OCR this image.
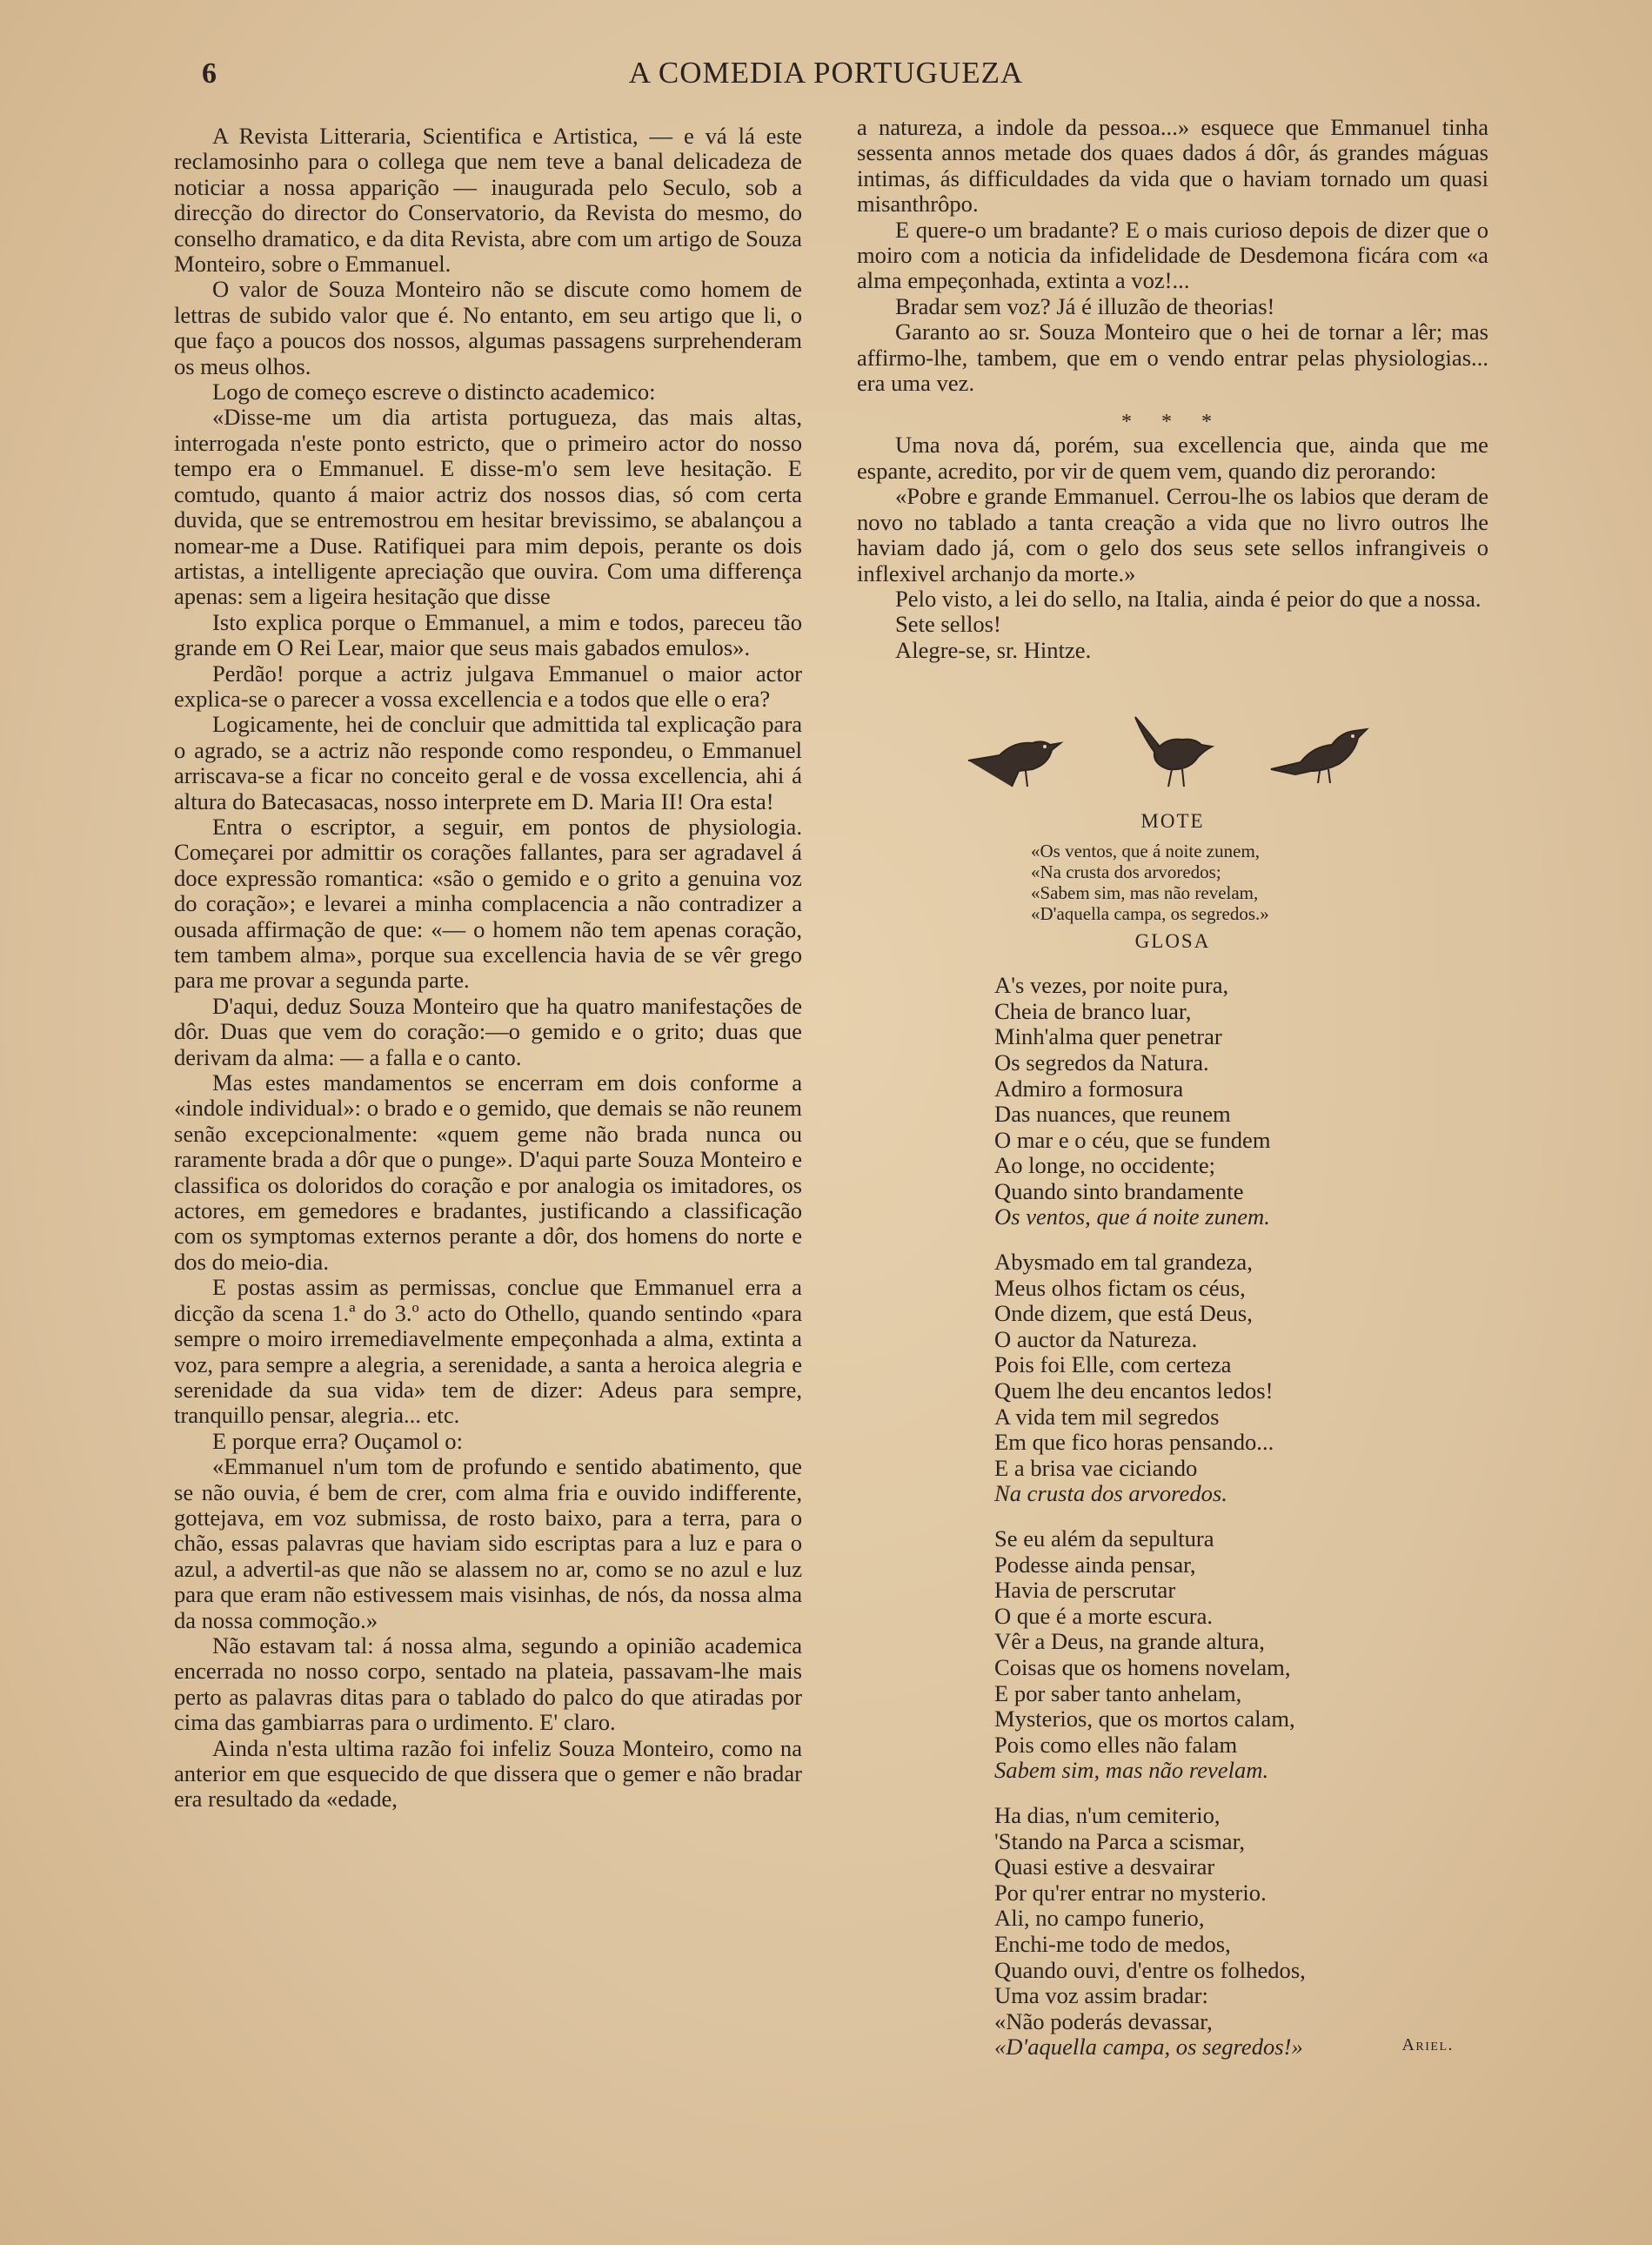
6	A COMEDIA PORTUGUEZA

A Revista Litteraria, Scientifica e Artistica, — e vá lá este reclamosinho para o collega que nem teve a banal delicadeza de noticiar a nossa apparição — inaugurada pelo Seculo, sob a direcção do director do Conservatorio, da Revista do mesmo, do conselho dramatico, e da dita Revista, abre com um artigo de Souza Monteiro, sobre o Emmanuel.

O valor de Souza Monteiro não se discute como homem de lettras de subido valor que é. No entanto, em seu artigo que li, o que faço a poucos dos nossos, algumas passagens surprehenderam os meus olhos.

Logo de começo escreve o distincto academico:

«Disse-me um dia artista portugueza, das mais altas, interrogada n'este ponto estricto, que o primeiro actor do nosso tempo era o Emmanuel. E disse-m'o sem leve hesitação. E comtudo, quanto á maior actriz dos nossos dias, só com certa duvida, que se entremostrou em hesitar brevissimo, se abalançou a nomear-me a Duse. Ratifiquei para mim depois, perante os dois artistas, a intelligente apreciação que ouvira. Com uma differença apenas: sem a ligeira hesitação que disse

Isto explica porque o Emmanuel, a mim e todos, pareceu tão grande em O Rei Lear, maior que seus mais gabados emulos».

Perdão! porque a actriz julgava Emmanuel o maior actor explica-se o parecer a vossa excellencia e a todos que elle o era?

Logicamente, hei de concluir que admittida tal explicação para o agrado, se a actriz não responde como respondeu, o Emmanuel arriscava-se a ficar no conceito geral e de vossa excellencia, ahi á altura do Batecasacas, nosso interprete em D. Maria II! Ora esta!

Entra o escriptor, a seguir, em pontos de physiologia. Começarei por admittir os corações fallantes, para ser agradavel á doce expressão romantica: «são o gemido e o grito a genuina voz do coração»; e levarei a minha complacencia a não contradizer a ousada affirmação de que: «— o homem não tem apenas coração, tem tambem alma», porque sua excellencia havia de se vêr grego para me provar a segunda parte.

D'aqui, deduz Souza Monteiro que ha quatro manifestações de dôr. Duas que vem do coração:—o gemido e o grito; duas que derivam da alma: — a falla e o canto.

Mas estes mandamentos se encerram em dois conforme a «indole individual»: o brado e o gemido, que demais se não reunem senão excepcionalmente: «quem geme não brada nunca ou raramente brada a dôr que o punge». D'aqui parte Souza Monteiro e classifica os doloridos do coração e por analogia os imitadores, os actores, em gemedores e bradantes, justificando a classificação com os symptomas externos perante a dôr, dos homens do norte e dos do meio-dia.

E postas assim as permissas, conclue que Emmanuel erra a dicção da scena 1.ª do 3.º acto do Othello, quando sentindo «para sempre o moiro irremediavelmente empeçonhada a alma, extinta a voz, para sempre a alegria, a serenidade, a santa a heroica alegria e serenidade da sua vida» tem de dizer: Adeus para sempre, tranquillo pensar, alegria... etc.

E porque erra? Ouçamol o:

«Emmanuel n'um tom de profundo e sentido abatimento, que se não ouvia, é bem de crer, com alma fria e ouvido indifferente, gottejava, em voz submissa, de rosto baixo, para a terra, para o chão, essas palavras que haviam sido escriptas para a luz e para o azul, a advertil-as que não se alassem no ar, como se no azul e luz para que eram não estivessem mais visinhas, de nós, da nossa alma da nossa commoção.»

Não estavam tal: á nossa alma, segundo a opinião academica encerrada no nosso corpo, sentado na plateia, passavam-lhe mais perto as palavras ditas para o tablado do palco do que atiradas por cima das gambiarras para o urdimento. E' claro.

Ainda n'esta ultima razão foi infeliz Souza Monteiro, como na anterior em que esquecido de que dissera que o gemer e não bradar era resultado da «edade,

a natureza, a indole da pessoa...» esquece que Emmanuel tinha sessenta annos metade dos quaes dados á dôr, ás grandes máguas intimas, ás difficuldades da vida que o haviam tornado um quasi misanthrôpo.

E quere-o um bradante? E o mais curioso depois de dizer que o moiro com a noticia da infidelidade de Desdemona ficára com «a alma empeçonhada, extinta a voz!...

Bradar sem voz? Já é illuzão de theorias!

Garanto ao sr. Souza Monteiro que o hei de tornar a lêr; mas affirmo-lhe, tambem, que em o vendo entrar pelas physiologias... era uma vez.

* * *

Uma nova dá, porém, sua excellencia que, ainda que me espante, acredito, por vir de quem vem, quando diz perorando:

«Pobre e grande Emmanuel. Cerrou-lhe os labios que deram de novo no tablado a tanta creação a vida que no livro outros lhe haviam dado já, com o gelo dos seus sete sellos infrangiveis o inflexivel archanjo da morte.»

Pelo visto, a lei do sello, na Italia, ainda é peior do que a nossa.

Sete sellos!

Alegre-se, sr. Hintze.

MOTE
«Os ventos, que á noite zunem,
«Na crusta dos arvoredos;
«Sabem sim, mas não revelam,
«D'aquella campa, os segredos.»
GLOSA
A's vezes, por noite pura,
Cheia de branco luar,
Minh'alma quer penetrar
Os segredos da Natura.
Admiro a formosura
Das nuances, que reunem
O mar e o céu, que se fundem
Ao longe, no occidente;
Quando sinto brandamente
Os ventos, que á noite zunem.
Abysmado em tal grandeza,
Meus olhos fictam os céus,
Onde dizem, que está Deus,
O auctor da Natureza.
Pois foi Elle, com certeza
Quem lhe deu encantos ledos!
A vida tem mil segredos
Em que fico horas pensando...
E a brisa vae ciciando
Na crusta dos arvoredos.
Se eu além da sepultura
Podesse ainda pensar,
Havia de perscrutar
O que é a morte escura.
Vêr a Deus, na grande altura,
Coisas que os homens novelam,
E por saber tanto anhelam,
Mysterios, que os mortos calam,
Pois como elles não falam
Sabem sim, mas não revelam.
Ha dias, n'um cemiterio,
'Stando na Parca a scismar,
Quasi estive a desvairar
Por qu'rer entrar no mysterio.
Ali, no campo funerio,
Enchi-me todo de medos,
Quando ouvi, d'entre os folhedos,
Uma voz assim bradar:
«Não poderás devassar,
«D'aquella campa, os segredos!»	Ariel.
